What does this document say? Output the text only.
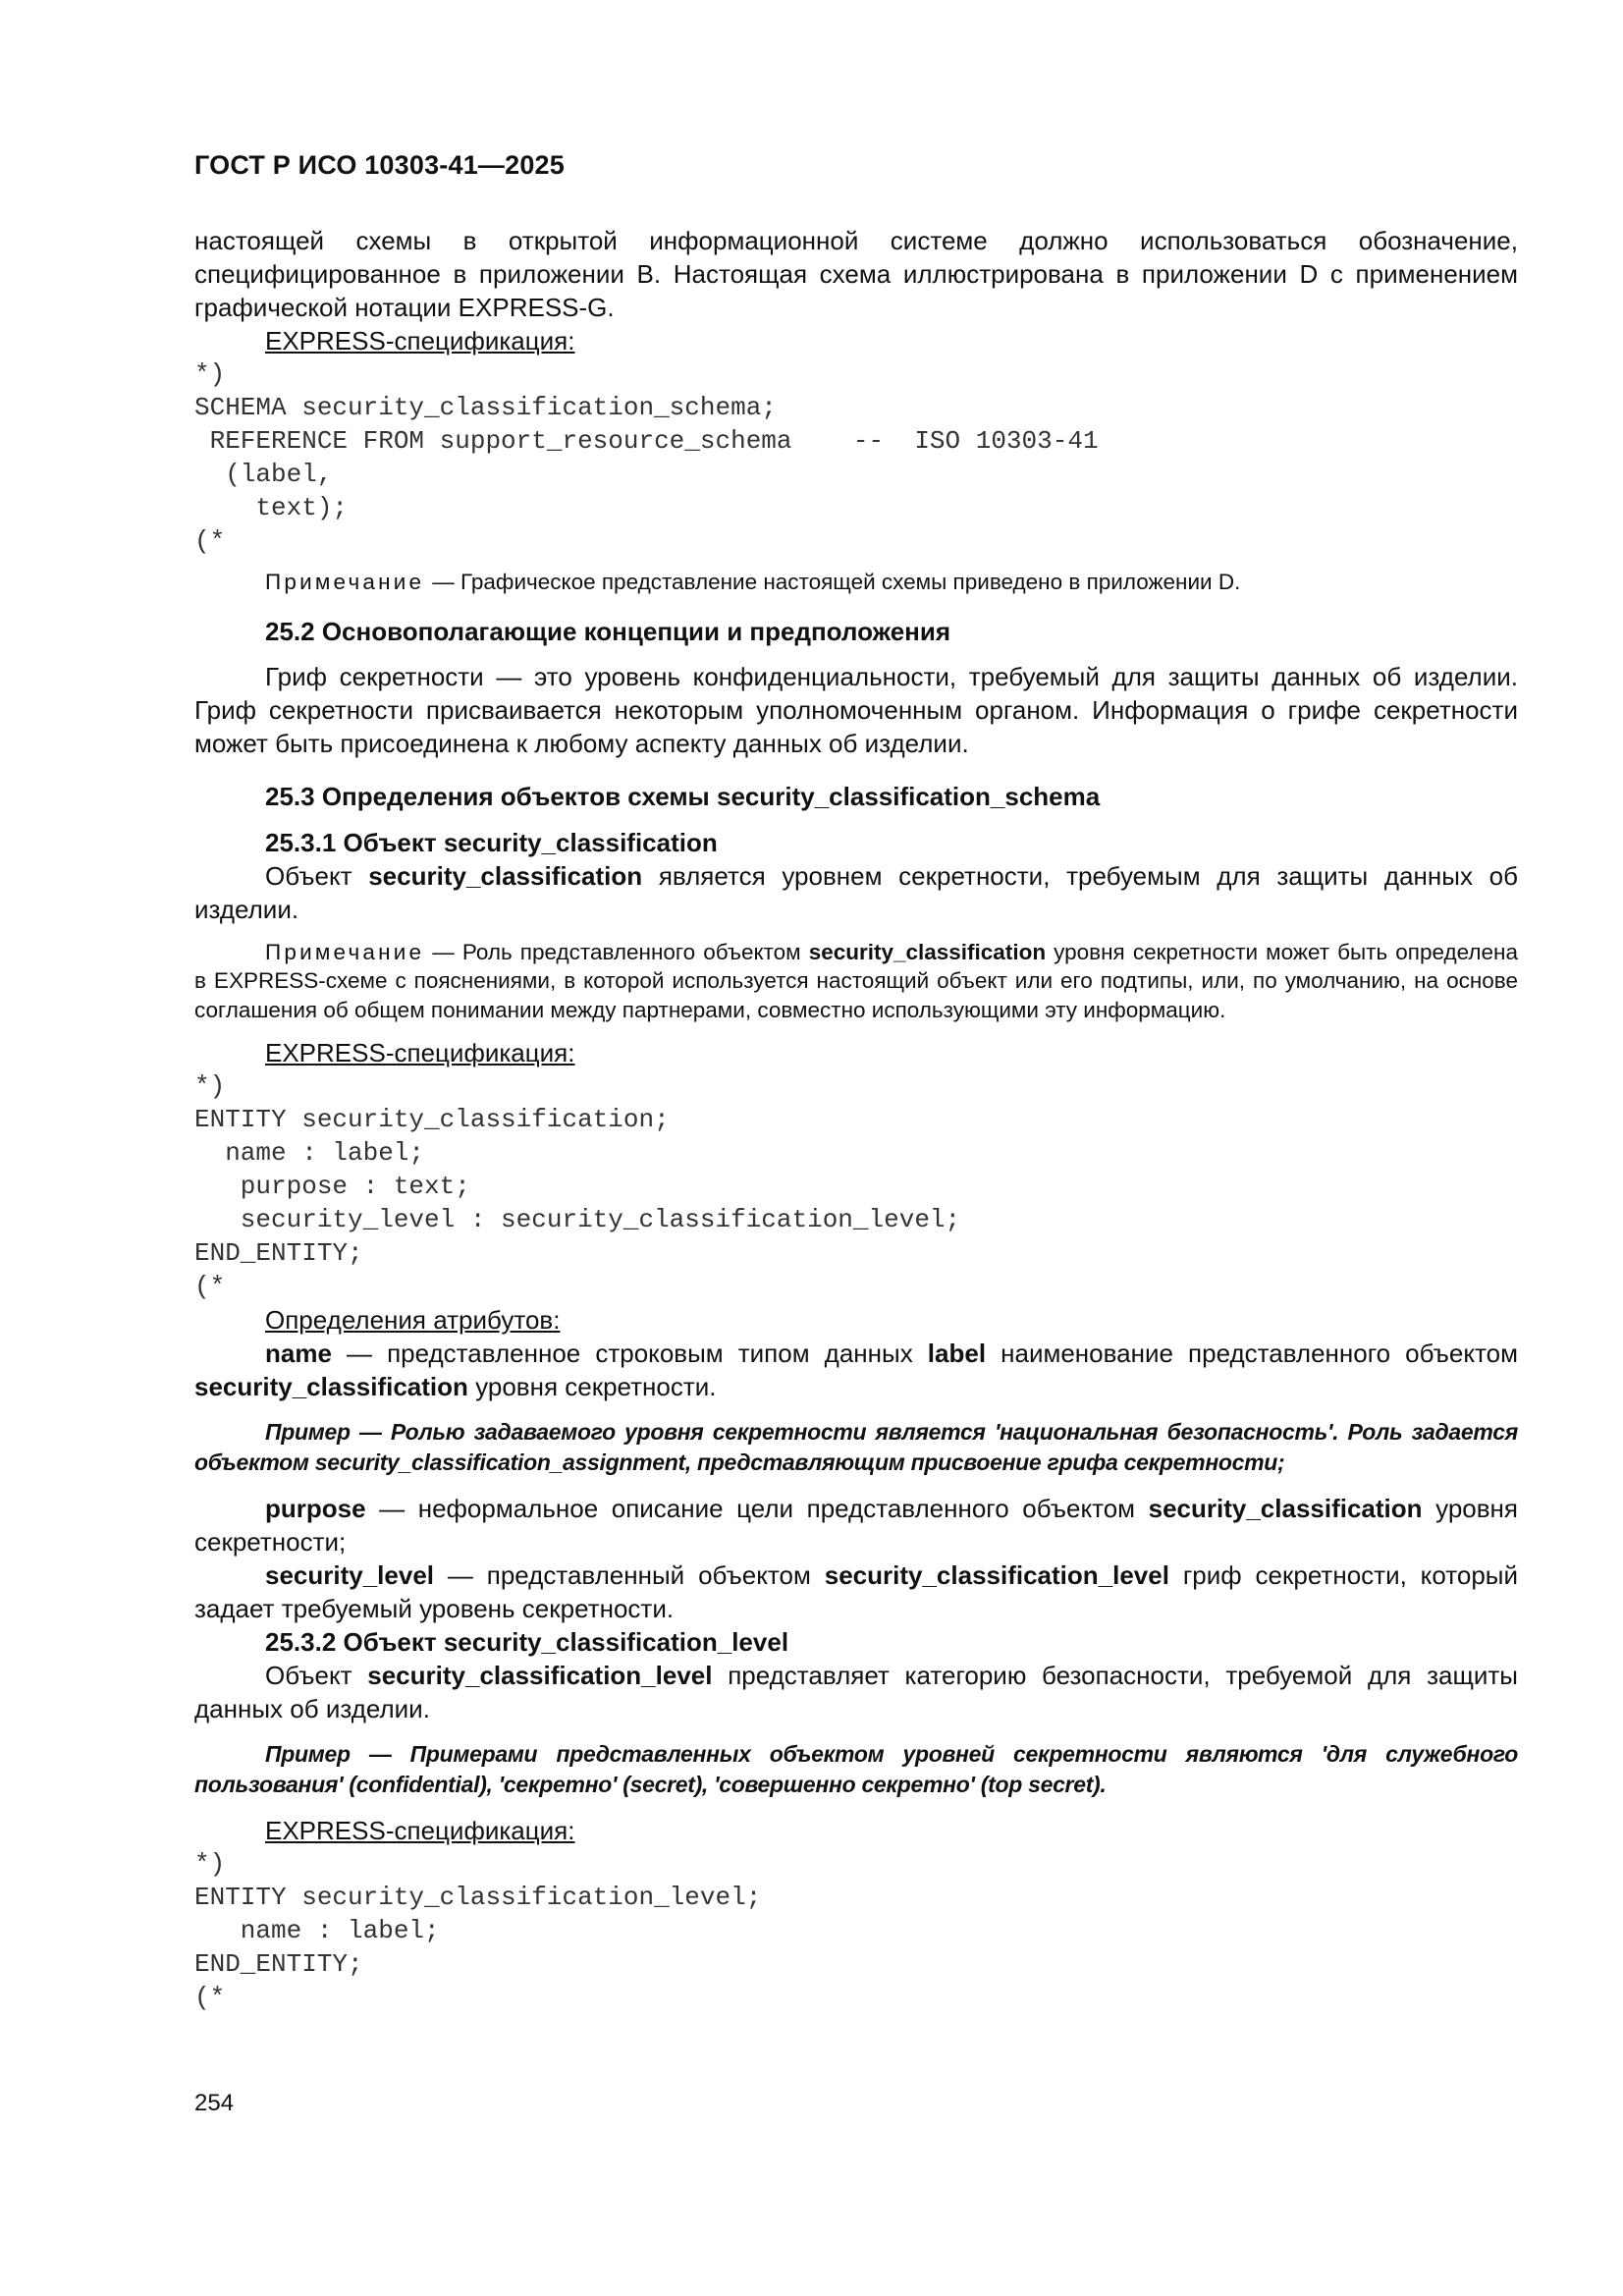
ГОСТ Р ИСО 10303-41—2025

настоящей схемы в открытой информационной системе должно использоваться обозначение, специфицированное в приложении B. Настоящая схема иллюстрирована в приложении D с применением графической нотации EXPRESS-G.

EXPRESS-спецификация:

*)
SCHEMA security_classification_schema;
REFERENCE FROM support_resource_schema    --  ISO 10303-41
(label,
text);
(*

Примечание — Графическое представление настоящей схемы приведено в приложении D.

25.2 Основополагающие концепции и предположения

Гриф секретности — это уровень конфиденциальности, требуемый для защиты данных об изделии. Гриф секретности присваивается некоторым уполномоченным органом. Информация о грифе секретности может быть присоединена к любому аспекту данных об изделии.

25.3 Определения объектов схемы security_classification_schema

25.3.1 Объект security_classification

Объект security_classification является уровнем секретности, требуемым для защиты данных об изделии.

Примечание — Роль представленного объектом security_classification уровня секретности может быть определена в EXPRESS-схеме с пояснениями, в которой используется настоящий объект или его подтипы, или, по умолчанию, на основе соглашения об общем понимании между партнерами, совместно использующими эту информацию.

EXPRESS-спецификация:

*)
ENTITY security_classification;
name : label;
purpose : text;
security_level : security_classification_level;
END_ENTITY;
(*

Определения атрибутов:

name — представленное строковым типом данных label наименование представленного объектом security_classification уровня секретности.

Пример — Ролью задаваемого уровня секретности является 'национальная безопасность'. Роль задается объектом security_classification_assignment, представляющим присвоение грифа секретности;

purpose — неформальное описание цели представленного объектом security_classification уровня секретности;

security_level — представленный объектом security_classification_level гриф секретности, который задает требуемый уровень секретности.

25.3.2 Объект security_classification_level

Объект security_classification_level представляет категорию безопасности, требуемой для защиты данных об изделии.

Пример — Примерами представленных объектом уровней секретности являются 'для служебного пользования' (confidential), 'секретно' (secret), 'совершенно секретно' (top secret).

EXPRESS-спецификация:

*)
ENTITY security_classification_level;
name : label;
END_ENTITY;
(*
254
